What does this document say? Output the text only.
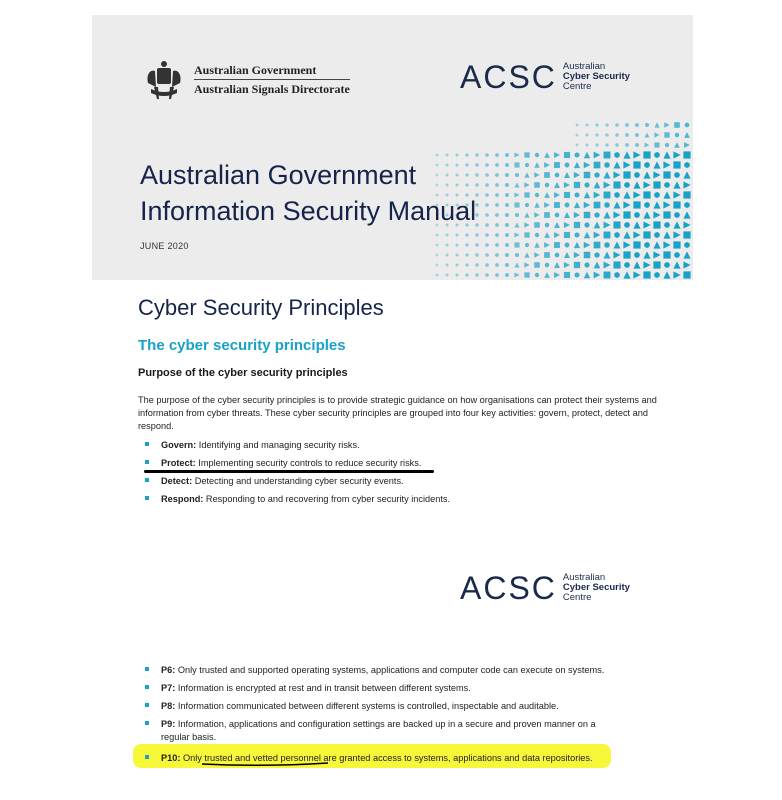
Australian Government
Australian Signals Directorate	ACSC Australian
Cyber Security
Centre
Australian Government
Information Security Manual
JUNE 2020
Cyber Security Principles
The cyber security principles
Purpose of the cyber security principles
The purpose of the cyber security principles is to provide strategic guidance on how organisations can protect their systems and information from cyber threats. These cyber security principles are grouped into four key activities: govern, protect, detect and respond.
Govern: Identifying and managing security risks.
Protect: Implementing security controls to reduce security risks.
Detect: Detecting and understanding cyber security events.
Respond: Responding to and recovering from cyber security incidents.
ACSC Australian
Cyber Security
Centre
P6: Only trusted and supported operating systems, applications and computer code can execute on systems.
P7: Information is encrypted at rest and in transit between different systems.
P8: Information communicated between different systems is controlled, inspectable and auditable.
P9: Information, applications and configuration settings are backed up in a secure and proven manner on a regular basis.
P10: Only trusted and vetted personnel are granted access to systems, applications and data repositories.
